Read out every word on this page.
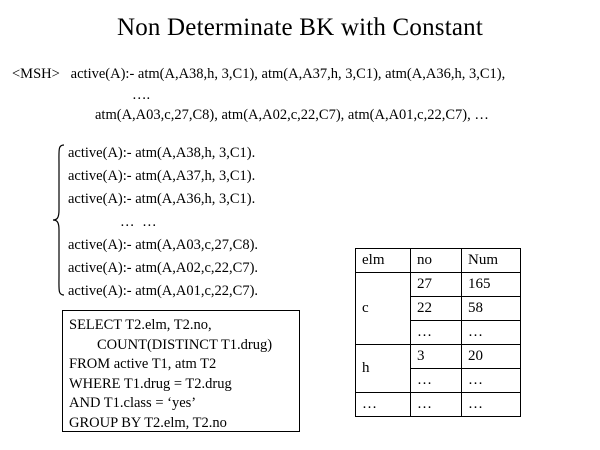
Non Determinate BK with Constant
<MSH> active(A):- atm(A,A38,h, 3,C1), atm(A,A37,h, 3,C1), atm(A,A36,h, 3,C1),
….
atm(A,A03,c,27,C8), atm(A,A02,c,22,C7), atm(A,A01,c,22,C7), …
active(A):- atm(A,A38,h, 3,C1).
active(A):- atm(A,A37,h, 3,C1).
active(A):- atm(A,A36,h, 3,C1).
… …
active(A):- atm(A,A03,c,27,C8).
active(A):- atm(A,A02,c,22,C7).
active(A):- atm(A,A01,c,22,C7).
SELECT T2.elm, T2.no,
COUNT(DISTINCT T1.drug)
FROM active T1, atm T2
WHERE T1.drug = T2.drug
AND T1.class = ‘yes’
GROUP BY T2.elm, T2.no
elm	no	Num
c	27	165
	22	58
	…	…
h	3	20
	…	…
…	…	…
